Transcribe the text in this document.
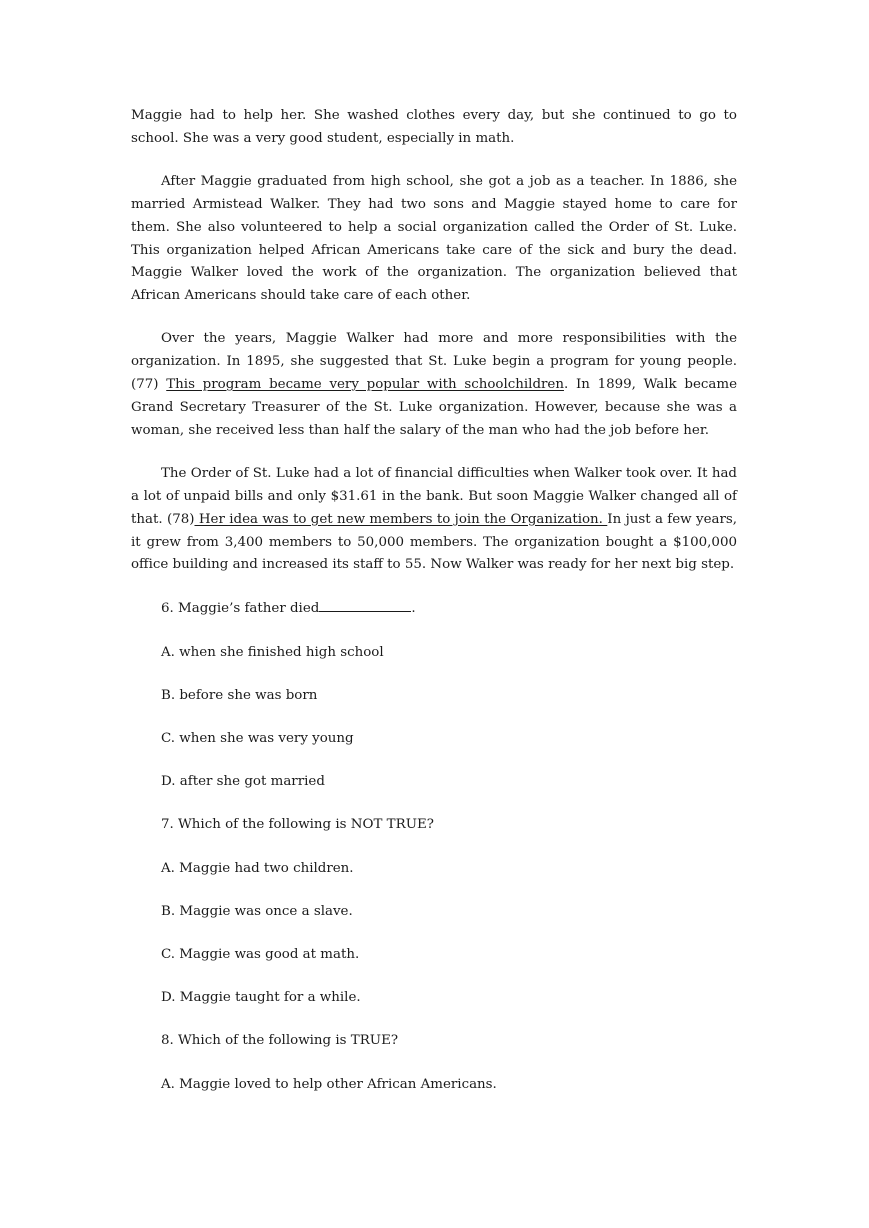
Maggie had to help her. She washed clothes every day, but she continued to go to school. She was a very good student, especially in math.

After Maggie graduated from high school, she got a job as a teacher. In 1886, she married Armistead Walker. They had two sons and Maggie stayed home to care for them. She also volunteered to help a social organization called the Order of St. Luke. This organization helped African Americans take care of the sick and bury the dead. Maggie Walker loved the work of the organization. The organization believed that African Americans should take care of each other.

Over the years, Maggie Walker had more and more responsibilities with the organization. In 1895, she suggested that St. Luke begin a program for young people. (77) This program became very popular with schoolchildren. In 1899, Walk became Grand Secretary Treasurer of the St. Luke organization. However, because she was a woman, she received less than half the salary of the man who had the job before her.

The Order of St. Luke had a lot of financial difficulties when Walker took over. It had a lot of unpaid bills and only $31.61 in the bank. But soon Maggie Walker changed all of that. (78) Her idea was to get new members to join the Organization. In just a few years, it grew from 3,400 members to 50,000 members. The organization bought a $100,000 office building and increased its staff to 55. Now Walker was ready for her next big step.

6. Maggie’s father died	.

A. when she finished high school

B. before she was born

C. when she was very young

D. after she got married

7. Which of the following is NOT TRUE?

A. Maggie had two children.

B. Maggie was once a slave.

C. Maggie was good at math.

D. Maggie taught for a while.

8. Which of the following is TRUE?

A. Maggie loved to help other African Americans.
